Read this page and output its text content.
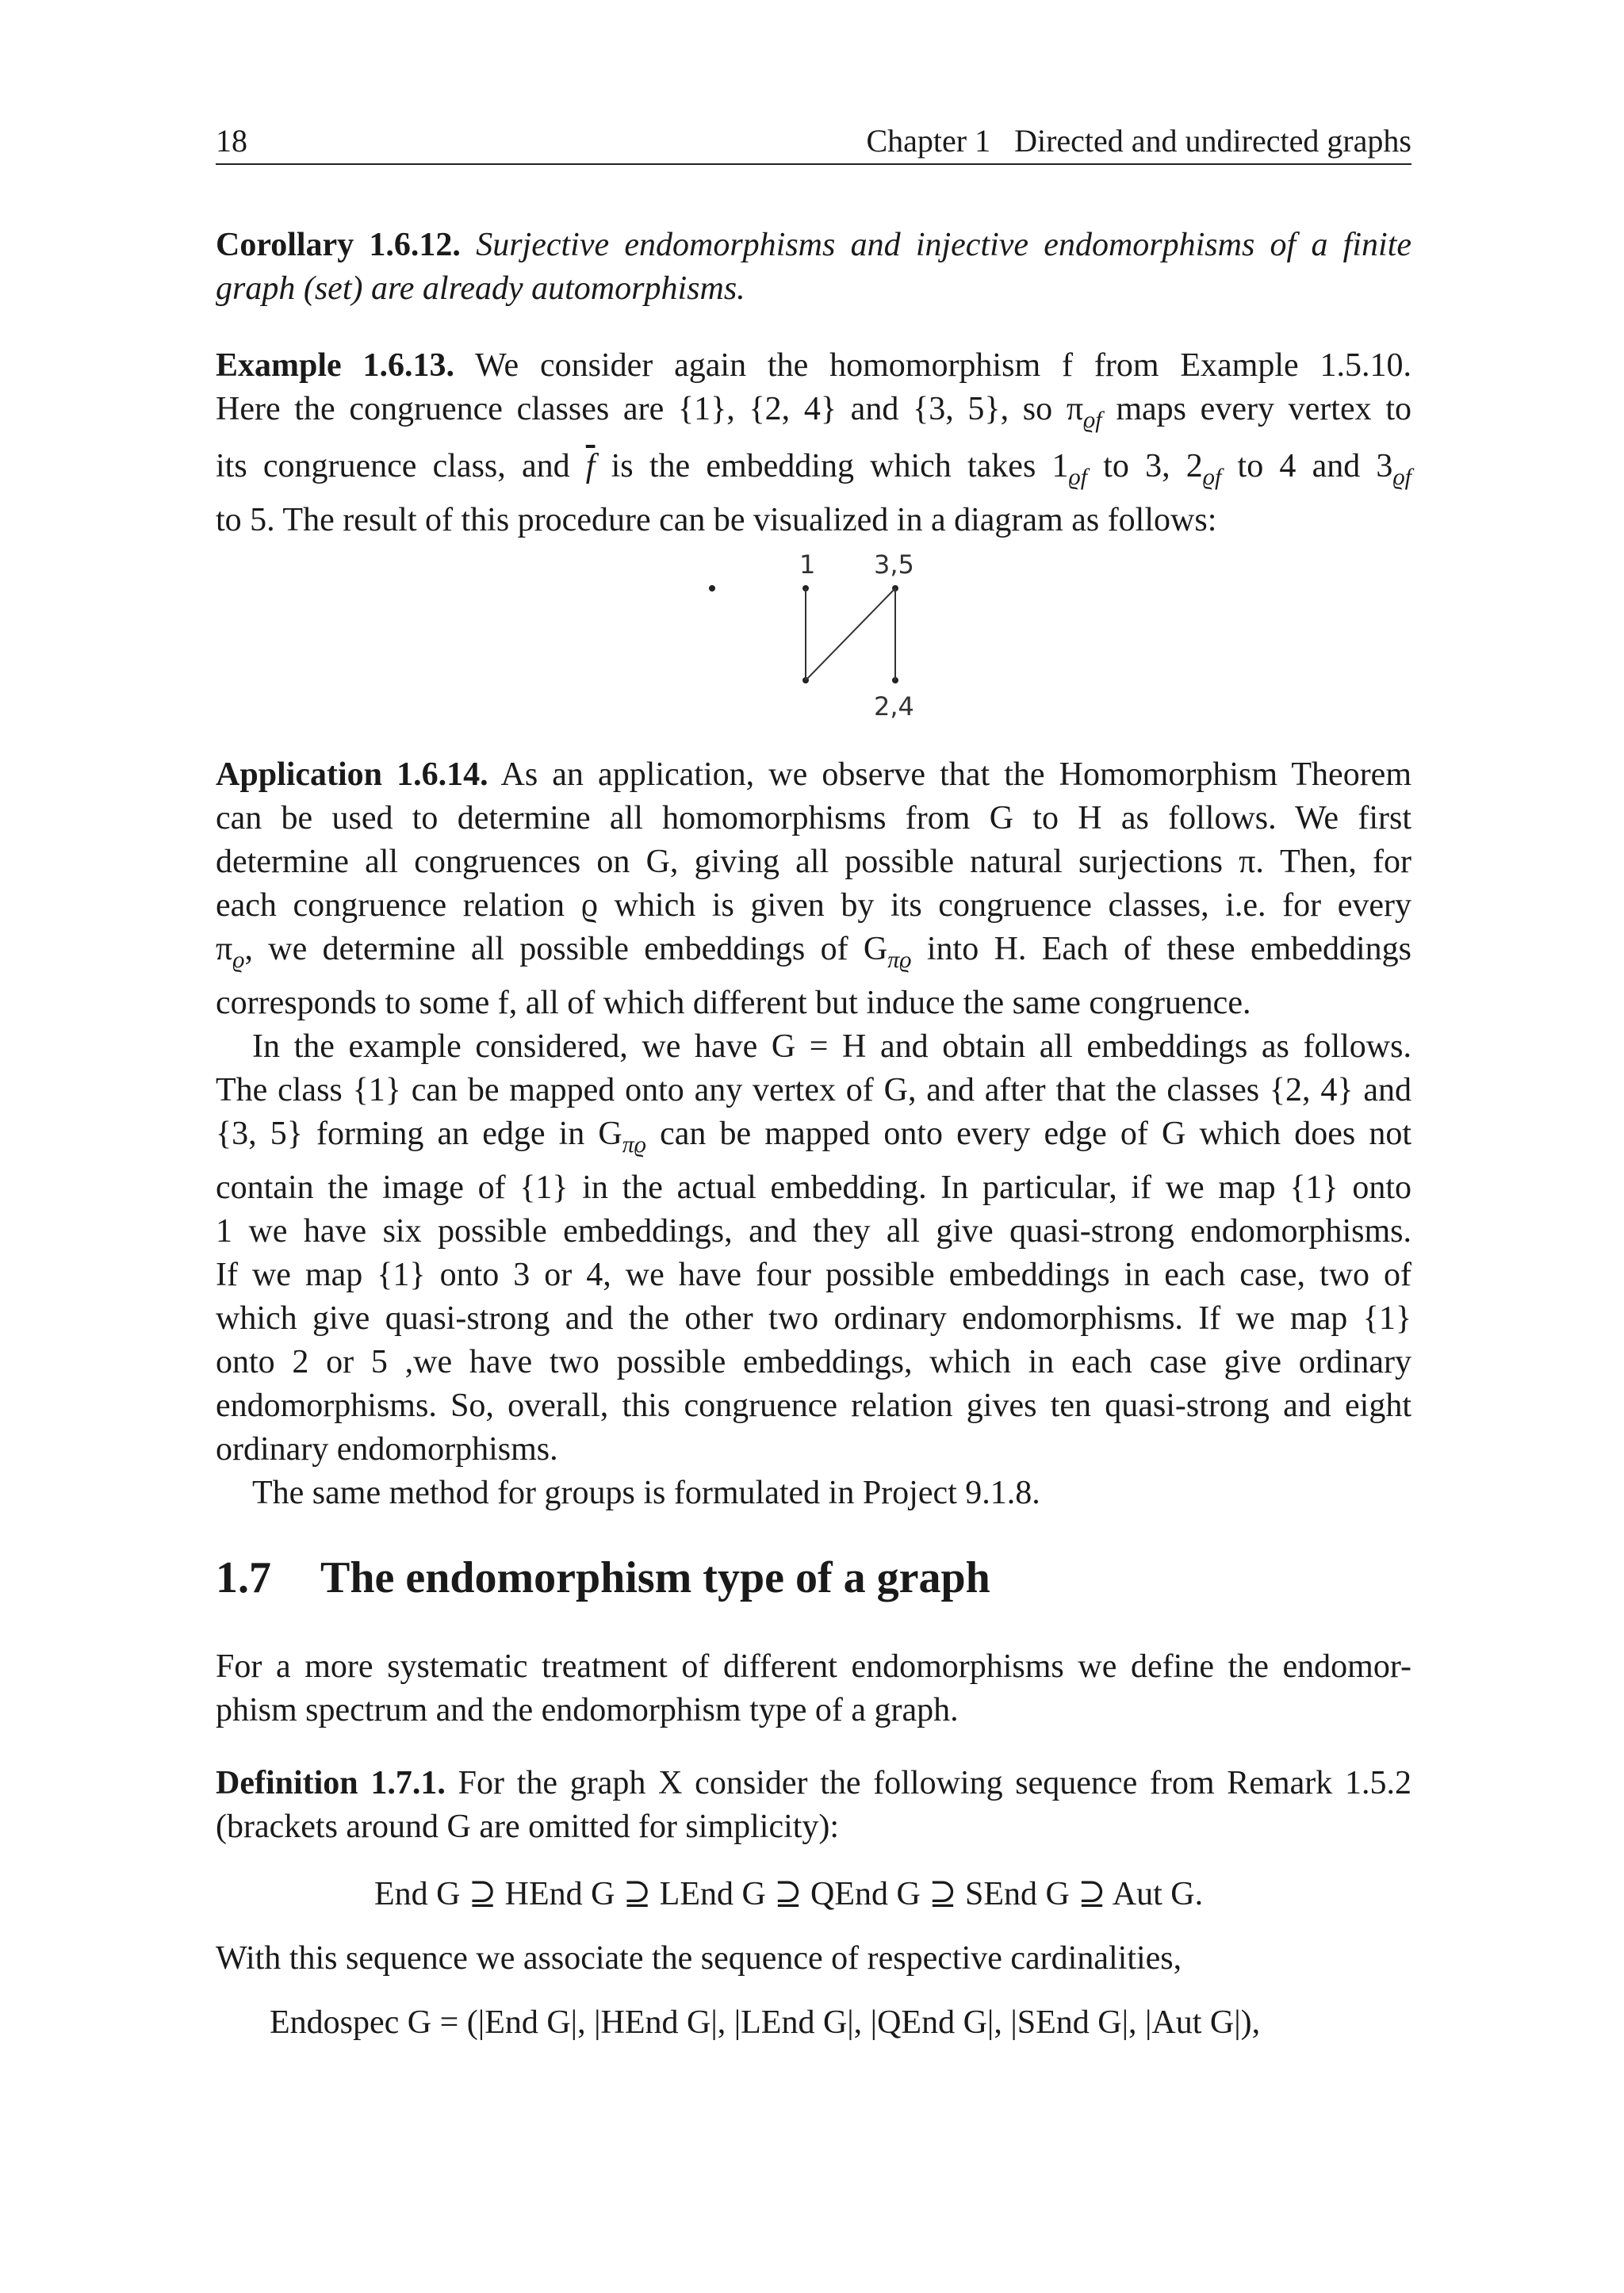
18	Chapter 1   Directed and undirected graphs
Corollary 1.6.12. Surjective endomorphisms and injective endomorphisms of a finite
graph (set) are already automorphisms.
Example 1.6.13. We consider again the homomorphism f from Example 1.5.10.
Here the congruence classes are {1}, {2, 4} and {3, 5}, so $\pi_{ϱf}$ maps every vertex to
its congruence class, and $\overline{f}$ is the embedding which takes $1_{ϱf}$ to 3, $2_{ϱf}$ to 4 and $3_{ϱf}$
to 5. The result of this procedure can be visualized in a diagram as follows:
1 3,5
2,4
Application 1.6.14. As an application, we observe that the Homomorphism Theorem
can be used to determine all homomorphisms from G to H as follows. We first
determine all congruences on G, giving all possible natural surjections π. Then, for
each congruence relation ϱ which is given by its congruence classes, i.e. for every
$\pi_ϱ$, we determine all possible embeddings of $G_{\pi ϱ}$ into H. Each of these embeddings
corresponds to some f, all of which different but induce the same congruence.
In the example considered, we have G = H and obtain all embeddings as follows.
The class {1} can be mapped onto any vertex of G, and after that the classes {2, 4} and
{3, 5} forming an edge in $G_{\pi ϱ}$ can be mapped onto every edge of G which does not
contain the image of {1} in the actual embedding. In particular, if we map {1} onto
1 we have six possible embeddings, and they all give quasi-strong endomorphisms.
If we map {1} onto 3 or 4, we have four possible embeddings in each case, two of
which give quasi-strong and the other two ordinary endomorphisms. If we map {1}
onto 2 or 5 ,we have two possible embeddings, which in each case give ordinary
endomorphisms. So, overall, this congruence relation gives ten quasi-strong and eight
ordinary endomorphisms.
The same method for groups is formulated in Project 9.1.8.
1.7 The endomorphism type of a graph
For a more systematic treatment of different endomorphisms we define the endomor-
phism spectrum and the endomorphism type of a graph.
Definition 1.7.1. For the graph X consider the following sequence from Remark 1.5.2
(brackets around G are omitted for simplicity):
End G ⊇ HEnd G ⊇ LEnd G ⊇ QEnd G ⊇ SEnd G ⊇ Aut G.
With this sequence we associate the sequence of respective cardinalities,
Endospec G = (|End G|, |HEnd G|, |LEnd G|, |QEnd G|, |SEnd G|, |Aut G|),
